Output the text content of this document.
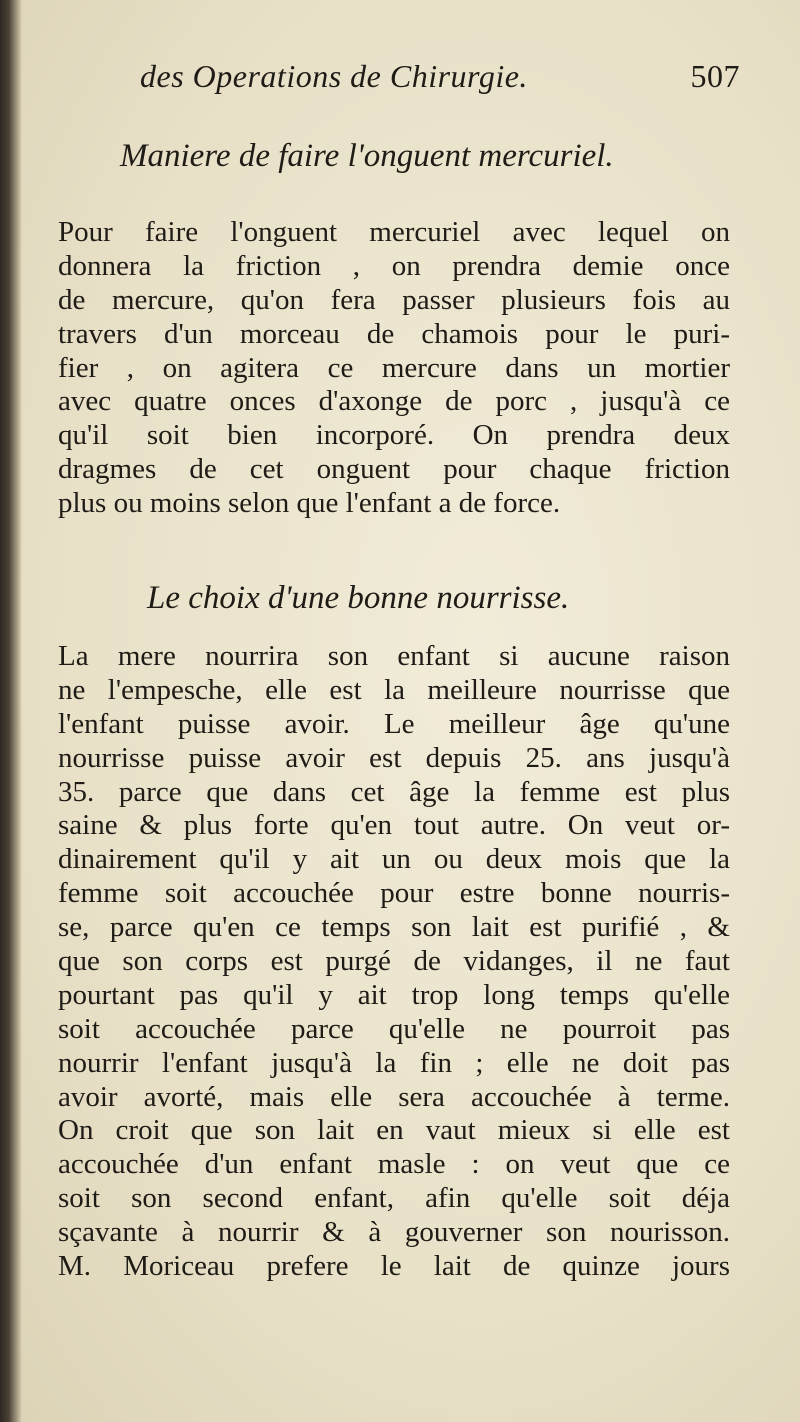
des Operations de Chirurgie.	507
Maniere de faire l'onguent mercuriel.
Pour faire l'onguent mercuriel avec lequel on
donnera la friction , on prendra demie once
de mercure, qu'on fera passer plusieurs fois au
travers d'un morceau de chamois pour le puri-
fier , on agitera ce mercure dans un mortier
avec quatre onces d'axonge de porc , jusqu'à ce
qu'il soit bien incorporé. On prendra deux
dragmes de cet onguent pour chaque friction
plus ou moins selon que l'enfant a de force.
Le choix d'une bonne nourrisse.
La mere nourrira son enfant si aucune raison
ne l'empesche, elle est la meilleure nourrisse que
l'enfant puisse avoir. Le meilleur âge qu'une
nourrisse puisse avoir est depuis 25. ans jusqu'à
35. parce que dans cet âge la femme est plus
saine & plus forte qu'en tout autre. On veut or-
dinairement qu'il y ait un ou deux mois que la
femme soit accouchée pour estre bonne nourris-
se, parce qu'en ce temps son lait est purifié , &
que son corps est purgé de vidanges, il ne faut
pourtant pas qu'il y ait trop long temps qu'elle
soit accouchée parce qu'elle ne pourroit pas
nourrir l'enfant jusqu'à la fin ; elle ne doit pas
avoir avorté, mais elle sera accouchée à terme.
On croit que son lait en vaut mieux si elle est
accouchée d'un enfant masle : on veut que ce
soit son second enfant, afin qu'elle soit déja
sçavante à nourrir & à gouverner son nourisson.
M. Moriceau prefere le lait de quinze jours
